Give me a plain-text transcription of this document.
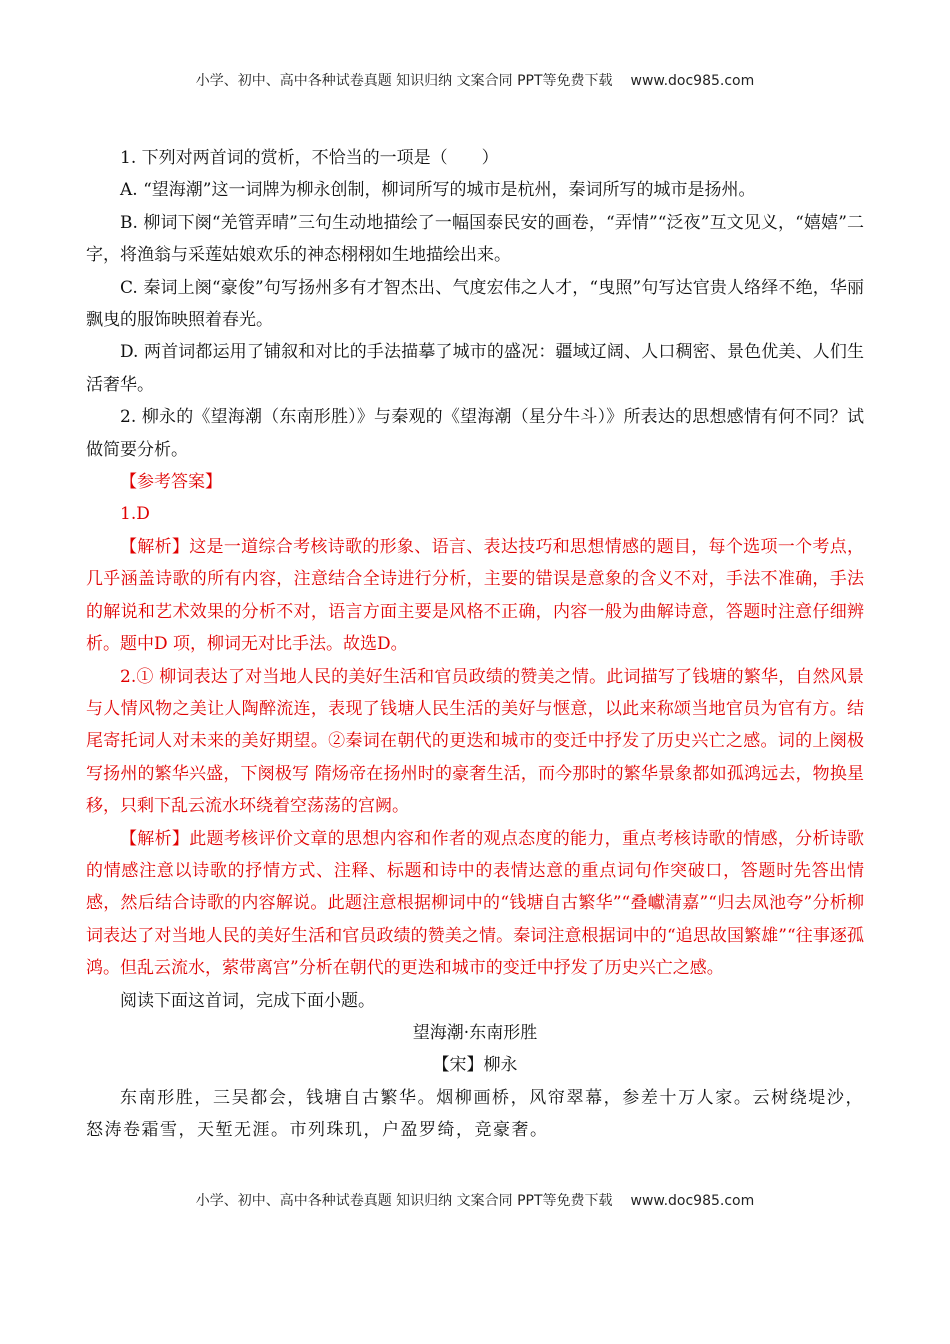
小学、初中、高中各种试卷真题 知识归纳 文案合同 PPT等免费下载 www.doc985.com

1. 下列对两首词的赏析，不恰当的一项是（　　）

A. “望海潮”这一词牌为柳永创制，柳词所写的城市是杭州，秦词所写的城市是扬州。

B. 柳词下阕“羌管弄晴”三句生动地描绘了一幅国泰民安的画卷，“弄情”“泛夜”互文见义，“嬉嬉”二字，将渔翁与采莲姑娘欢乐的神态栩栩如生地描绘出来。

C. 秦词上阕“豪俊”句写扬州多有才智杰出、气度宏伟之人才，“曳照”句写达官贵人络绎不绝，华丽飘曳的服饰映照着春光。

D. 两首词都运用了铺叙和对比的手法描摹了城市的盛况：疆域辽阔、人口稠密、景色优美、人们生活奢华。

2. 柳永的《望海潮（东南形胜）》与秦观的《望海潮（星分牛斗）》所表达的思想感情有何不同？试做简要分析。

【参考答案】

1.D

【解析】这是一道综合考核诗歌的形象、语言、表达技巧和思想情感的题目，每个选项一个考点，几乎涵盖诗歌的所有内容，注意结合全诗进行分析，主要的错误是意象的含义不对，手法不准确，手法的解说和艺术效果的分析不对，语言方面主要是风格不正确，内容一般为曲解诗意，答题时注意仔细辨析。题中D 项，柳词无对比手法。故选D。

2.① 柳词表达了对当地人民的美好生活和官员政绩的赞美之情。此词描写了钱塘的繁华，自然风景与人情风物之美让人陶醉流连，表现了钱塘人民生活的美好与惬意，以此来称颂当地官员为官有方。结尾寄托词人对未来的美好期望。②秦词在朝代的更迭和城市的变迁中抒发了历史兴亡之感。词的上阕极写扬州的繁华兴盛，下阕极写 隋炀帝在扬州时的豪奢生活，而今那时的繁华景象都如孤鸿远去，物换星移，只剩下乱云流水环绕着空荡荡的宫阙。

【解析】此题考核评价文章的思想内容和作者的观点态度的能力，重点考核诗歌的情感，分析诗歌的情感注意以诗歌的抒情方式、注释、标题和诗中的表情达意的重点词句作突破口，答题时先答出情感，然后结合诗歌的内容解说。此题注意根据柳词中的“钱塘自古繁华”“叠巘清嘉”“归去凤池夸”分析柳词表达了对当地人民的美好生活和官员政绩的赞美之情。秦词注意根据词中的“追思故国繁雄”“往事逐孤鸿。但乱云流水，萦带离宫”分析在朝代的更迭和城市的变迁中抒发了历史兴亡之感。

阅读下面这首词，完成下面小题。

望海潮·东南形胜

【宋】柳永

东南形胜，三吴都会，钱塘自古繁华。烟柳画桥，风帘翠幕，参差十万人家。云树绕堤沙，怒涛卷霜雪，天堑无涯。市列珠玑，户盈罗绮，竞豪奢。

小学、初中、高中各种试卷真题 知识归纳 文案合同 PPT等免费下载 www.doc985.com
